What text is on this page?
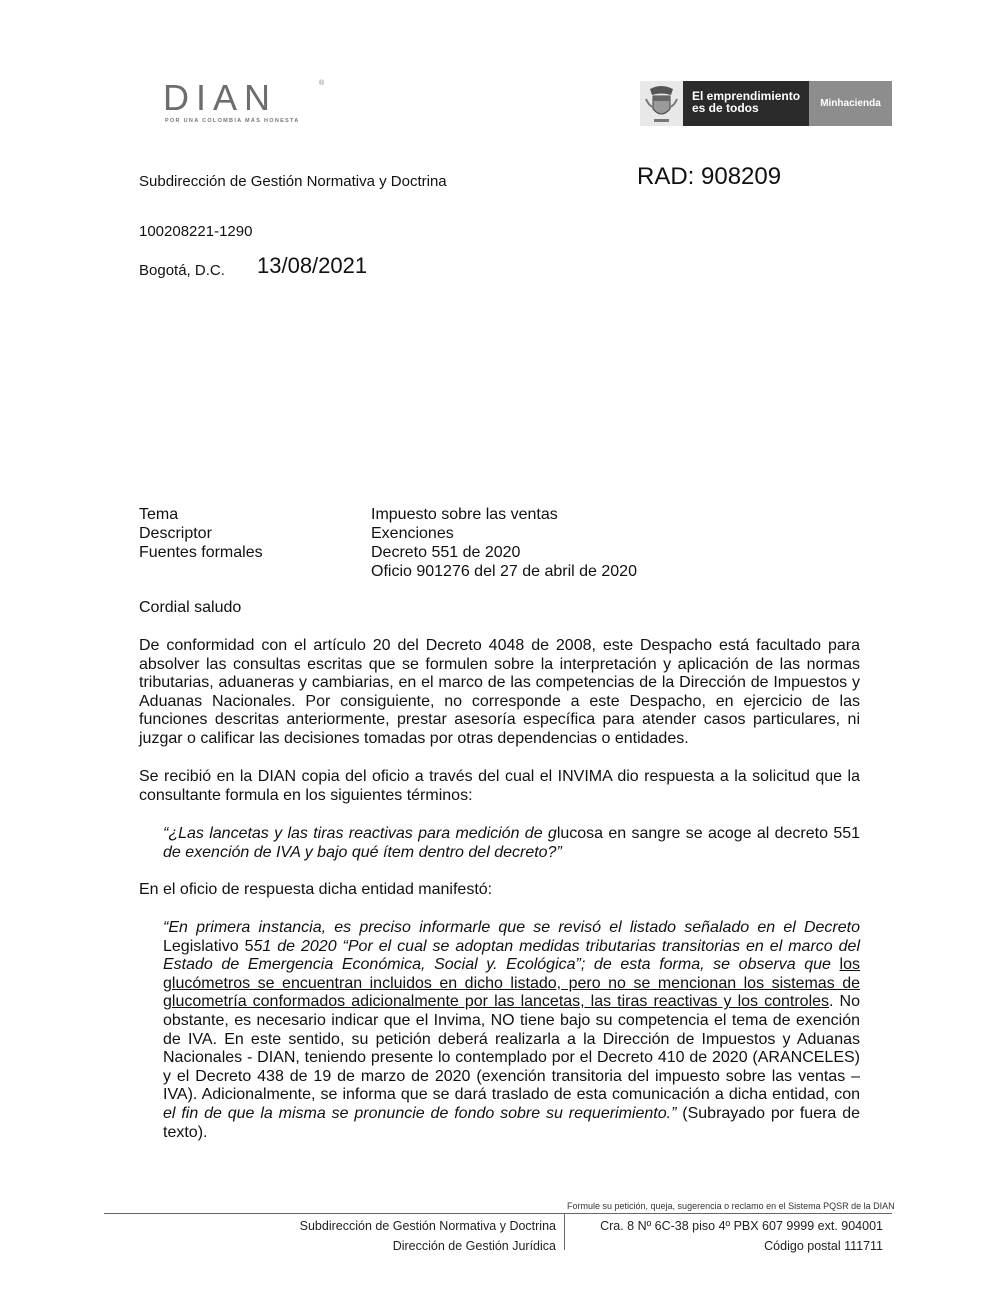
DIAN	®
POR UNA COLOMBIA MÁS HONESTA
El emprendimiento
es de todos	Minhacienda
Subdirección de Gestión Normativa y Doctrina	RAD: 908209
100208221-1290
Bogotá, D.C. 13/08/2021
Tema	Impuesto sobre las ventas
Descriptor	Exenciones
Fuentes formales	Decreto 551 de 2020
Oficio 901276 del 27 de abril de 2020
Cordial saludo
De conformidad con el artículo 20 del Decreto 4048 de 2008, este Despacho está facultado para absolver las consultas escritas que se formulen sobre la interpretación y aplicación de las normas tributarias, aduaneras y cambiarias, en el marco de las competencias de la Dirección de Impuestos y Aduanas Nacionales. Por consiguiente, no corresponde a este Despacho, en ejercicio de las funciones descritas anteriormente, prestar asesoría específica para atender casos particulares, ni juzgar o calificar las decisiones tomadas por otras dependencias o entidades.
Se recibió en la DIAN copia del oficio a través del cual el INVIMA dio respuesta a la solicitud que la consultante formula en los siguientes términos:
“¿Las lancetas y las tiras reactivas para medición de glucosa en sangre se acoge al decreto 551 de exención de IVA y bajo qué ítem dentro del decreto?”
En el oficio de respuesta dicha entidad manifestó:
“En primera instancia, es preciso informarle que se revisó el listado señalado en el Decreto Legislativo 551 de 2020 “Por el cual se adoptan medidas tributarias transitorias en el marco del Estado de Emergencia Económica, Social y. Ecológica”; de esta forma, se observa que los glucómetros se encuentran incluidos en dicho listado, pero no se mencionan los sistemas de glucometría conformados adicionalmente por las lancetas, las tiras reactivas y los controles. No obstante, es necesario indicar que el Invima, NO tiene bajo su competencia el tema de exención de IVA. En este sentido, su petición deberá realizarla a la Dirección de Impuestos y Aduanas Nacionales - DIAN, teniendo presente lo contemplado por el Decreto 410 de 2020 (ARANCELES) y el Decreto 438 de 19 de marzo de 2020 (exención transitoria del impuesto sobre las ventas – IVA). Adicionalmente, se informa que se dará traslado de esta comunicación a dicha entidad, con el fin de que la misma se pronuncie de fondo sobre su requerimiento.” (Subrayado por fuera de texto).
Formule su petición, queja, sugerencia o reclamo en el Sistema PQSR de la DIAN
Subdirección de Gestión Normativa y Doctrina
Dirección de Gestión Jurídica
Cra. 8 Nº 6C-38 piso 4º PBX 607 9999 ext. 904001
Código postal 111711
